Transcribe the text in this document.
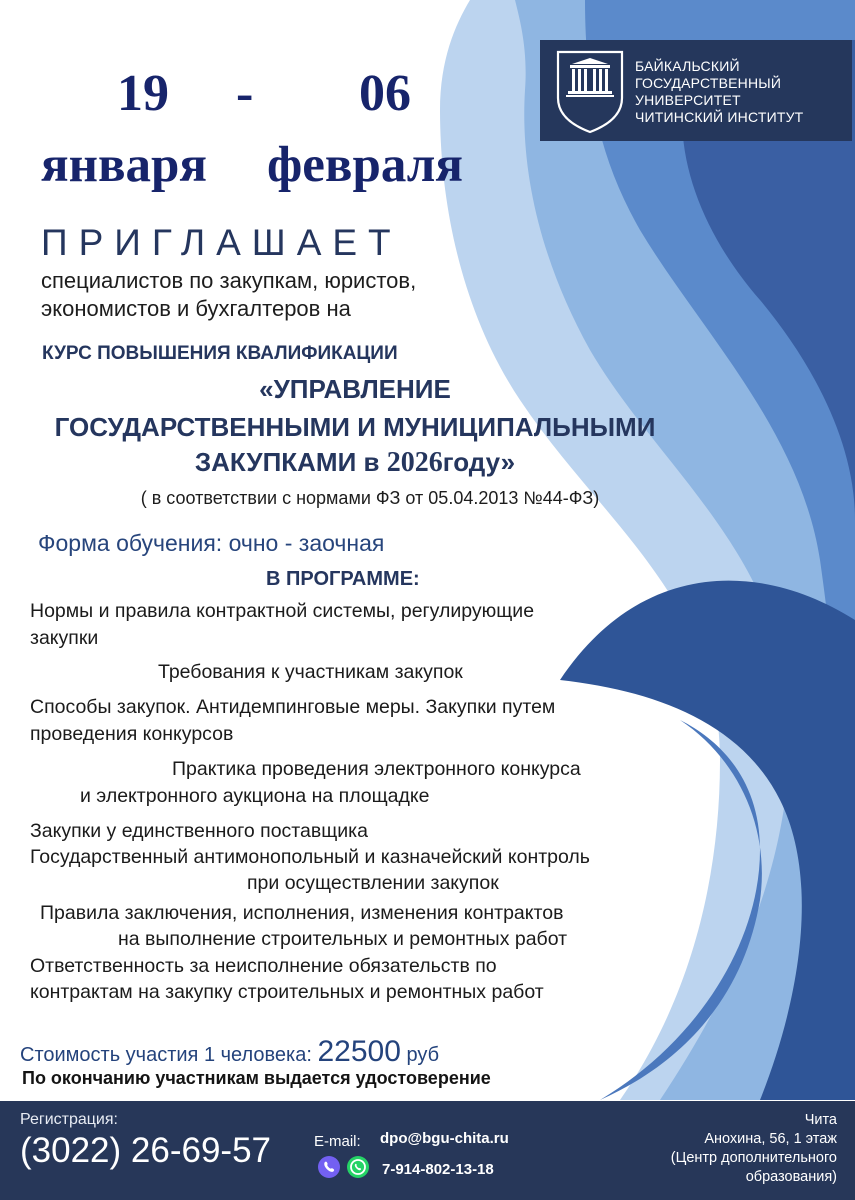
19 - 06
января февраля
БАЙКАЛЬСКИЙ
ГОСУДАРСТВЕННЫЙ
УНИВЕРСИТЕТ
ЧИТИНСКИЙ ИНСТИТУТ
ПРИГЛАШАЕТ
специалистов по закупкам, юристов,
экономистов и бухгалтеров на
КУРС ПОВЫШЕНИЯ КВАЛИФИКАЦИИ
«УПРАВЛЕНИЕ
ГОСУДАРСТВЕННЫМИ И МУНИЦИПАЛЬНЫМИ
ЗАКУПКАМИ в 2026году»
( в соответствии с нормами ФЗ от 05.04.2013 №44-ФЗ)
Форма обучения: очно - заочная
В ПРОГРАММЕ:
Нормы и правила контрактной системы, регулирующие
закупки
Требования к участникам закупок
Способы закупок. Антидемпинговые меры. Закупки путем
проведения конкурсов
Практика проведения электронного конкурса
и электронного аукциона на площадке
Закупки у единственного поставщика
Государственный антимонопольный и казначейский контроль
при осуществлении закупок
Правила заключения, исполнения, изменения контрактов
на выполнение строительных и ремонтных работ
Ответственность за неисполнение обязательств по
контрактам на закупку строительных и ремонтных работ
Стоимость участия 1 человека: 22500 руб
По окончанию участникам выдается удостоверение
Регистрация:
(3022) 26-69-57	E-mail: dpo@bgu-chita.ru
7-914-802-13-18
Чита
Анохина, 56, 1 этаж
(Центр дополнительного
образования)
